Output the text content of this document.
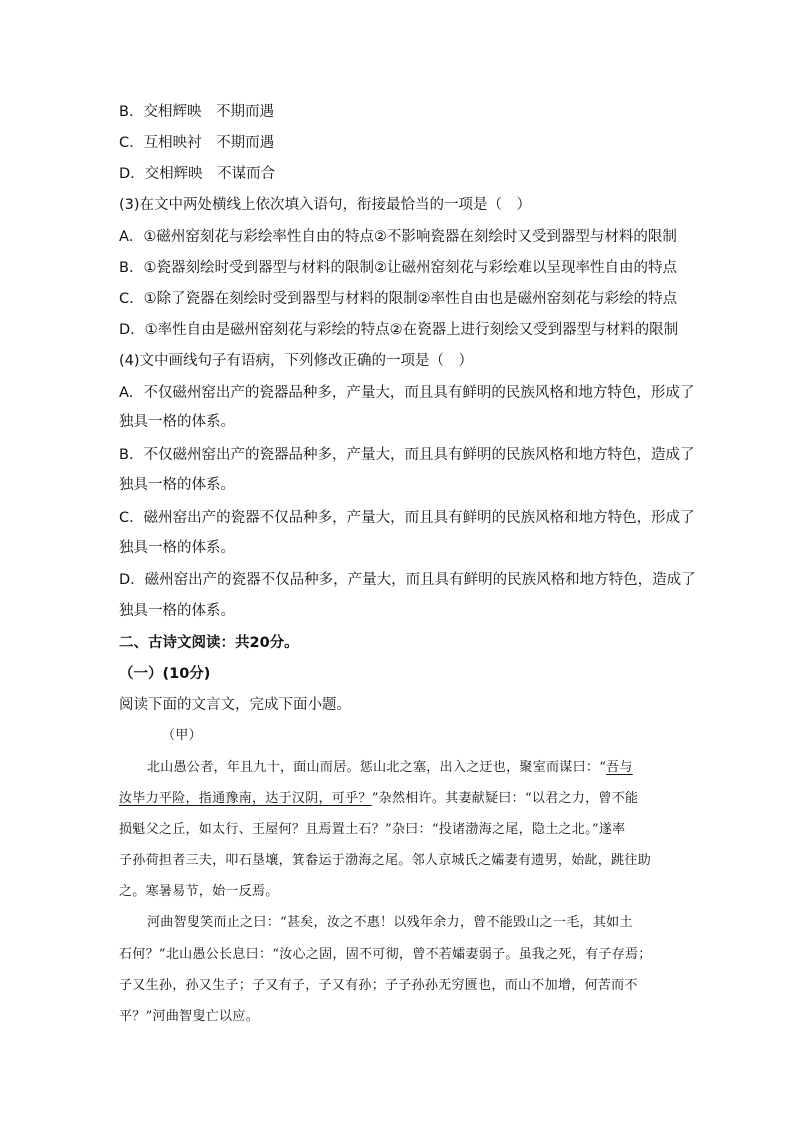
B．交相辉映　不期而遇
C．互相映衬　不期而遇
D．交相辉映　不谋而合
(3)在文中两处横线上依次填入语句，衔接最恰当的一项是（　）
A．①磁州窑刻花与彩绘率性自由的特点②不影响瓷器在刻绘时又受到器型与材料的限制
B．①瓷器刻绘时受到器型与材料的限制②让磁州窑刻花与彩绘难以呈现率性自由的特点
C．①除了瓷器在刻绘时受到器型与材料的限制②率性自由也是磁州窑刻花与彩绘的特点
D．①率性自由是磁州窑刻花与彩绘的特点②在瓷器上进行刻绘又受到器型与材料的限制
(4)文中画线句子有语病，下列修改正确的一项是（　）
A．不仅磁州窑出产的瓷器品种多，产量大，而且具有鲜明的民族风格和地方特色，形成了
独具一格的体系。
B．不仅磁州窑出产的瓷器品种多，产量大，而且具有鲜明的民族风格和地方特色，造成了
独具一格的体系。
C．磁州窑出产的瓷器不仅品种多，产量大，而且具有鲜明的民族风格和地方特色，形成了
独具一格的体系。
D．磁州窑出产的瓷器不仅品种多，产量大，而且具有鲜明的民族风格和地方特色，造成了
独具一格的体系。
二、古诗文阅读：共20分。
（一）(10分)
阅读下面的文言文，完成下面小题。
（甲）
北山愚公者，年且九十，面山而居。惩山北之塞，出入之迂也，聚室而谋曰：“吾与
汝毕力平险，指通豫南，达于汉阴，可乎？”杂然相许。其妻献疑曰：“以君之力，曾不能
损魁父之丘，如太行、王屋何？且焉置土石？”杂曰：“投诸渤海之尾，隐土之北。”遂率
子孙荷担者三夫，叩石垦壤，箕畚运于渤海之尾。邻人京城氏之孀妻有遗男，始龀，跳往助
之。寒暑易节，始一反焉。
河曲智叟笑而止之曰：“甚矣，汝之不惠！以残年余力，曾不能毁山之一毛，其如土
石何？”北山愚公长息曰：“汝心之固，固不可彻，曾不若孀妻弱子。虽我之死，有子存焉；
子又生孙，孙又生子；子又有子，子又有孙；子子孙孙无穷匮也，而山不加增，何苦而不
平？”河曲智叟亡以应。
